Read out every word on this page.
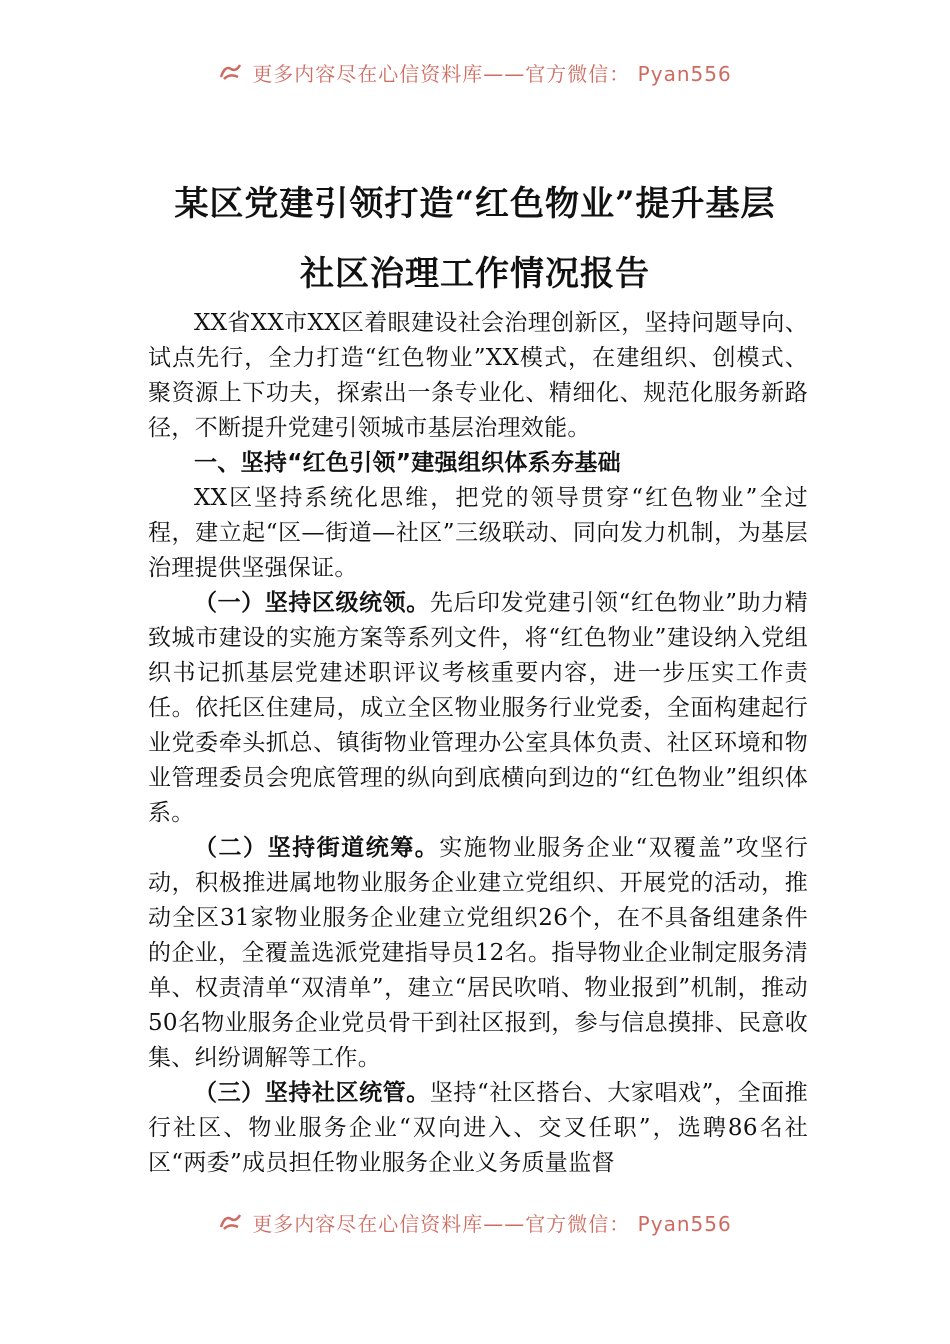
更多内容尽在心信资料库——官方微信： Pyan556
某区党建引领打造“红色物业”提升基层
社区治理工作情况报告

XX省XX市XX区着眼建设社会治理创新区，坚持问题导向、试点先行，全力打造“红色物业”XX模式，在建组织、创模式、聚资源上下功夫，探索出一条专业化、精细化、规范化服务新路径，不断提升党建引领城市基层治理效能。

一、坚持“红色引领”建强组织体系夯基础

XX区坚持系统化思维，把党的领导贯穿“红色物业”全过程，建立起“区—街道—社区”三级联动、同向发力机制，为基层治理提供坚强保证。

（一）坚持区级统领。先后印发党建引领“红色物业”助力精致城市建设的实施方案等系列文件，将“红色物业”建设纳入党组织书记抓基层党建述职评议考核重要内容，进一步压实工作责任。依托区住建局，成立全区物业服务行业党委，全面构建起行业党委牵头抓总、镇街物业管理办公室具体负责、社区环境和物业管理委员会兜底管理的纵向到底横向到边的“红色物业”组织体系。

（二）坚持街道统筹。实施物业服务企业“双覆盖”攻坚行动，积极推进属地物业服务企业建立党组织、开展党的活动，推动全区31家物业服务企业建立党组织26个，在不具备组建条件的企业，全覆盖选派党建指导员12名。指导物业企业制定服务清单、权责清单“双清单”，建立“居民吹哨、物业报到”机制，推动50名物业服务企业党员骨干到社区报到，参与信息摸排、民意收集、纠纷调解等工作。

（三）坚持社区统管。坚持“社区搭台、大家唱戏”，全面推行社区、物业服务企业“双向进入、交叉任职”，选聘86名社区“两委”成员担任物业服务企业义务质量监督

更多内容尽在心信资料库——官方微信： Pyan556
